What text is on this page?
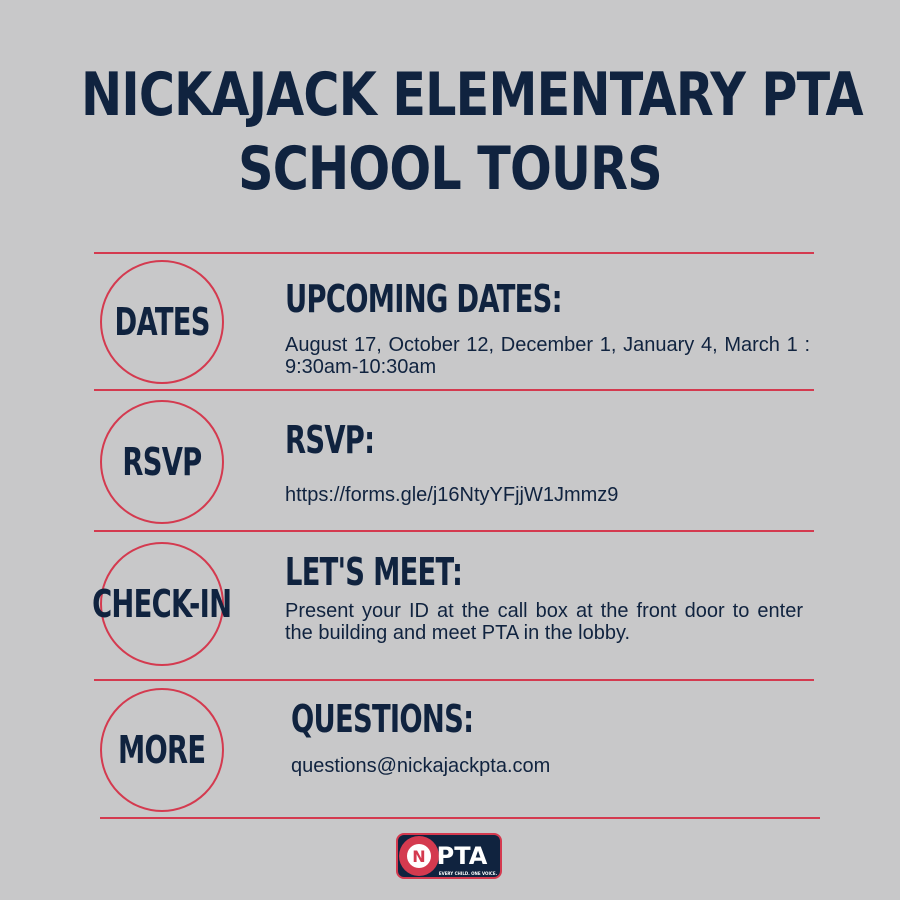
NICKAJACK ELEMENTARY PTA
SCHOOL TOURS
DATES
UPCOMING DATES:
August 17, October 12, December 1, January 4, March 1 : 9:30am-10:30am
RSVP RSVP:
https://forms.gle/j16NtyYFjjW1Jmmz9
CHECK-IN
LET'S MEET:
Present your ID at the call box at the front door to enter the building and meet PTA in the lobby.
MORE
QUESTIONS:
questions@nickajackpta.com
N PTA
EVERY CHILD. ONE VOICE.
